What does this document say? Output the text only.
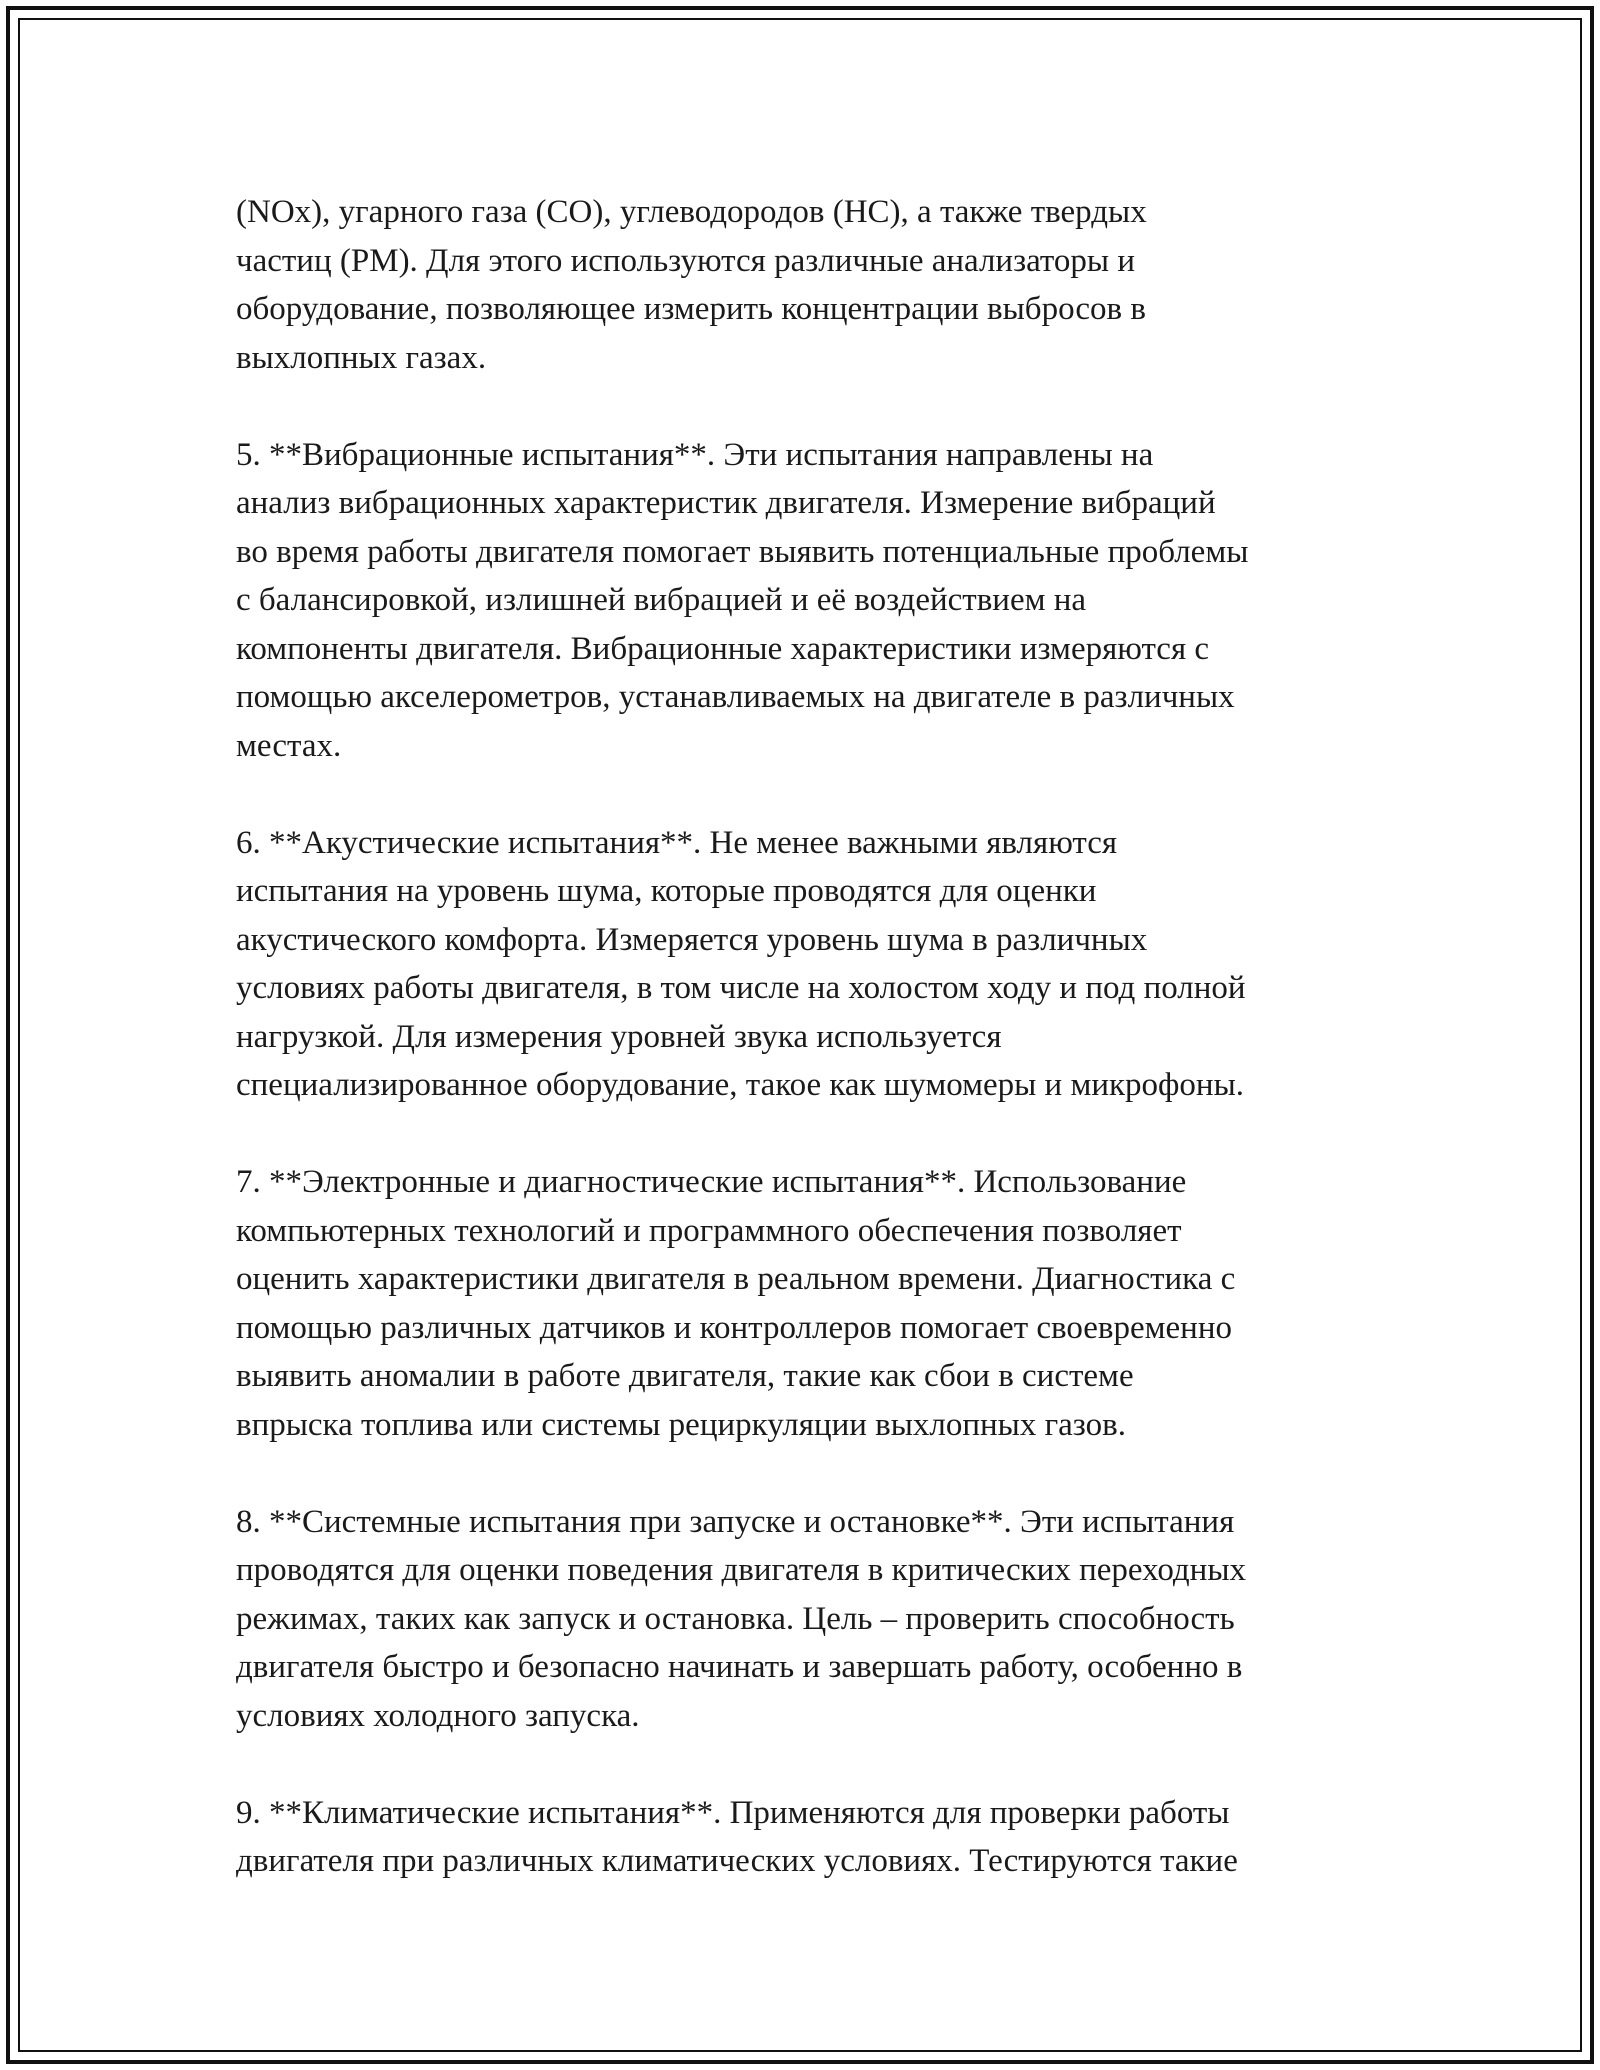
(NOx), угарного газа (CO), углеводородов (HC), а также твердых
частиц (PM). Для этого используются различные анализаторы и
оборудование, позволяющее измерить концентрации выбросов в
выхлопных газах.

5. **Вибрационные испытания**. Эти испытания направлены на
анализ вибрационных характеристик двигателя. Измерение вибраций
во время работы двигателя помогает выявить потенциальные проблемы
с балансировкой, излишней вибрацией и её воздействием на
компоненты двигателя. Вибрационные характеристики измеряются с
помощью акселерометров, устанавливаемых на двигателе в различных
местах.

6. **Акустические испытания**. Не менее важными являются
испытания на уровень шума, которые проводятся для оценки
акустического комфорта. Измеряется уровень шума в различных
условиях работы двигателя, в том числе на холостом ходу и под полной
нагрузкой. Для измерения уровней звука используется
специализированное оборудование, такое как шумомеры и микрофоны.

7. **Электронные и диагностические испытания**. Использование
компьютерных технологий и программного обеспечения позволяет
оценить характеристики двигателя в реальном времени. Диагностика с
помощью различных датчиков и контроллеров помогает своевременно
выявить аномалии в работе двигателя, такие как сбои в системе
впрыска топлива или системы рециркуляции выхлопных газов.

8. **Системные испытания при запуске и остановке**. Эти испытания
проводятся для оценки поведения двигателя в критических переходных
режимах, таких как запуск и остановка. Цель – проверить способность
двигателя быстро и безопасно начинать и завершать работу, особенно в
условиях холодного запуска.

9. **Климатические испытания**. Применяются для проверки работы
двигателя при различных климатических условиях. Тестируются такие
